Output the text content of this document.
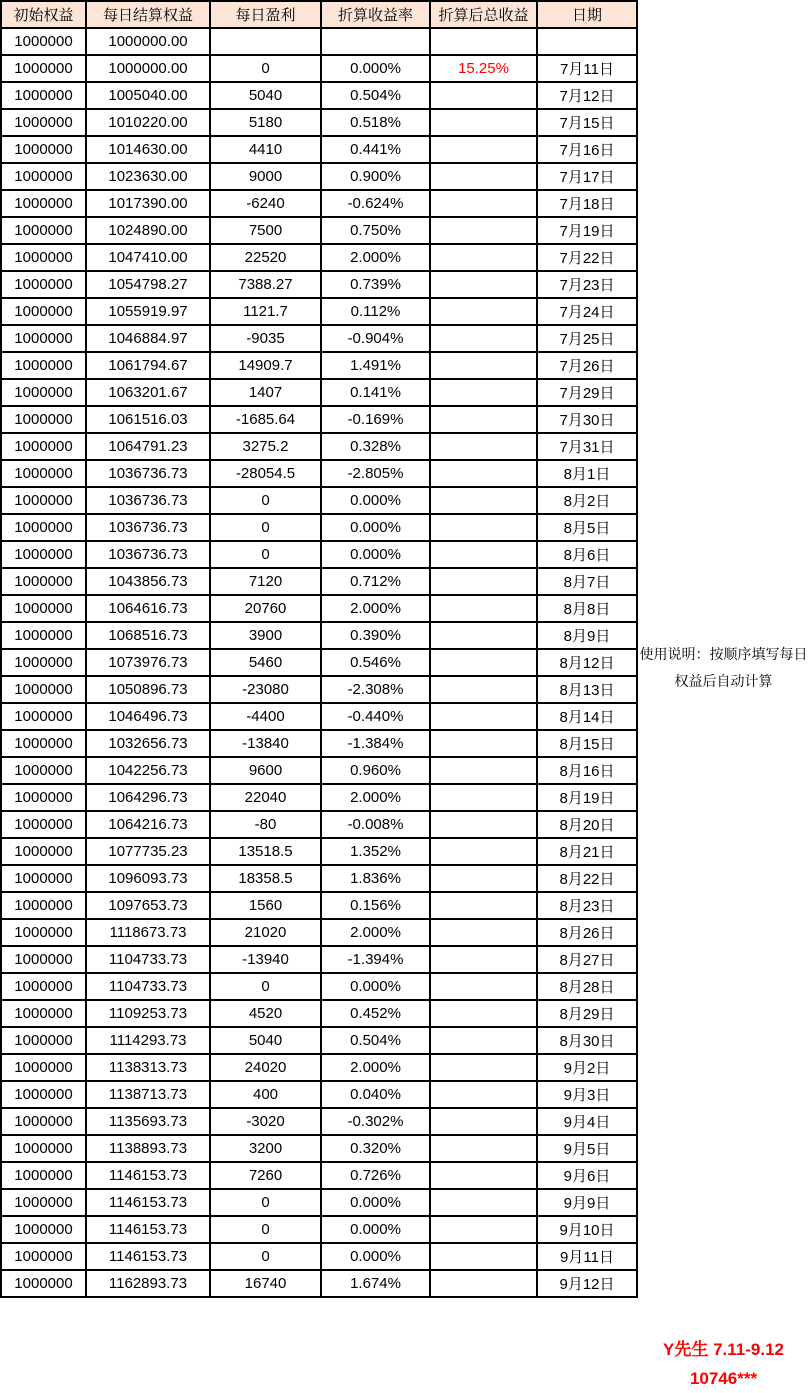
初始权益	每日结算权益	每日盈利	折算收益率	折算后总收益	日期
1000000	1000000.00				
1000000	1000000.00	0	0.000%	15.25%	7月11日
1000000	1005040.00	5040	0.504%		7月12日
1000000	1010220.00	5180	0.518%		7月15日
1000000	1014630.00	4410	0.441%		7月16日
1000000	1023630.00	9000	0.900%		7月17日
1000000	1017390.00	-6240	-0.624%		7月18日
1000000	1024890.00	7500	0.750%		7月19日
1000000	1047410.00	22520	2.000%		7月22日
1000000	1054798.27	7388.27	0.739%		7月23日
1000000	1055919.97	1121.7	0.112%		7月24日
1000000	1046884.97	-9035	-0.904%		7月25日
1000000	1061794.67	14909.7	1.491%		7月26日
1000000	1063201.67	1407	0.141%		7月29日
1000000	1061516.03	-1685.64	-0.169%		7月30日
1000000	1064791.23	3275.2	0.328%		7月31日
1000000	1036736.73	-28054.5	-2.805%		8月1日
1000000	1036736.73	0	0.000%		8月2日
1000000	1036736.73	0	0.000%		8月5日
1000000	1036736.73	0	0.000%		8月6日
1000000	1043856.73	7120	0.712%		8月7日
1000000	1064616.73	20760	2.000%		8月8日
1000000	1068516.73	3900	0.390%		8月9日
1000000	1073976.73	5460	0.546%		8月12日
1000000	1050896.73	-23080	-2.308%		8月13日
1000000	1046496.73	-4400	-0.440%		8月14日
1000000	1032656.73	-13840	-1.384%		8月15日
1000000	1042256.73	9600	0.960%		8月16日
1000000	1064296.73	22040	2.000%		8月19日
1000000	1064216.73	-80	-0.008%		8月20日
1000000	1077735.23	13518.5	1.352%		8月21日
1000000	1096093.73	18358.5	1.836%		8月22日
1000000	1097653.73	1560	0.156%		8月23日
1000000	1118673.73	21020	2.000%		8月26日
1000000	1104733.73	-13940	-1.394%		8月27日
1000000	1104733.73	0	0.000%		8月28日
1000000	1109253.73	4520	0.452%		8月29日
1000000	1114293.73	5040	0.504%		8月30日
1000000	1138313.73	24020	2.000%		9月2日
1000000	1138713.73	400	0.040%		9月3日
1000000	1135693.73	-3020	-0.302%		9月4日
1000000	1138893.73	3200	0.320%		9月5日
1000000	1146153.73	7260	0.726%		9月6日
1000000	1146153.73	0	0.000%		9月9日
1000000	1146153.73	0	0.000%		9月10日
1000000	1146153.73	0	0.000%		9月11日
1000000	1162893.73	16740	1.674%		9月12日
使用说明：按顺序填写每日权益后自动计算
Y先生 7.11-9.12
10746***
